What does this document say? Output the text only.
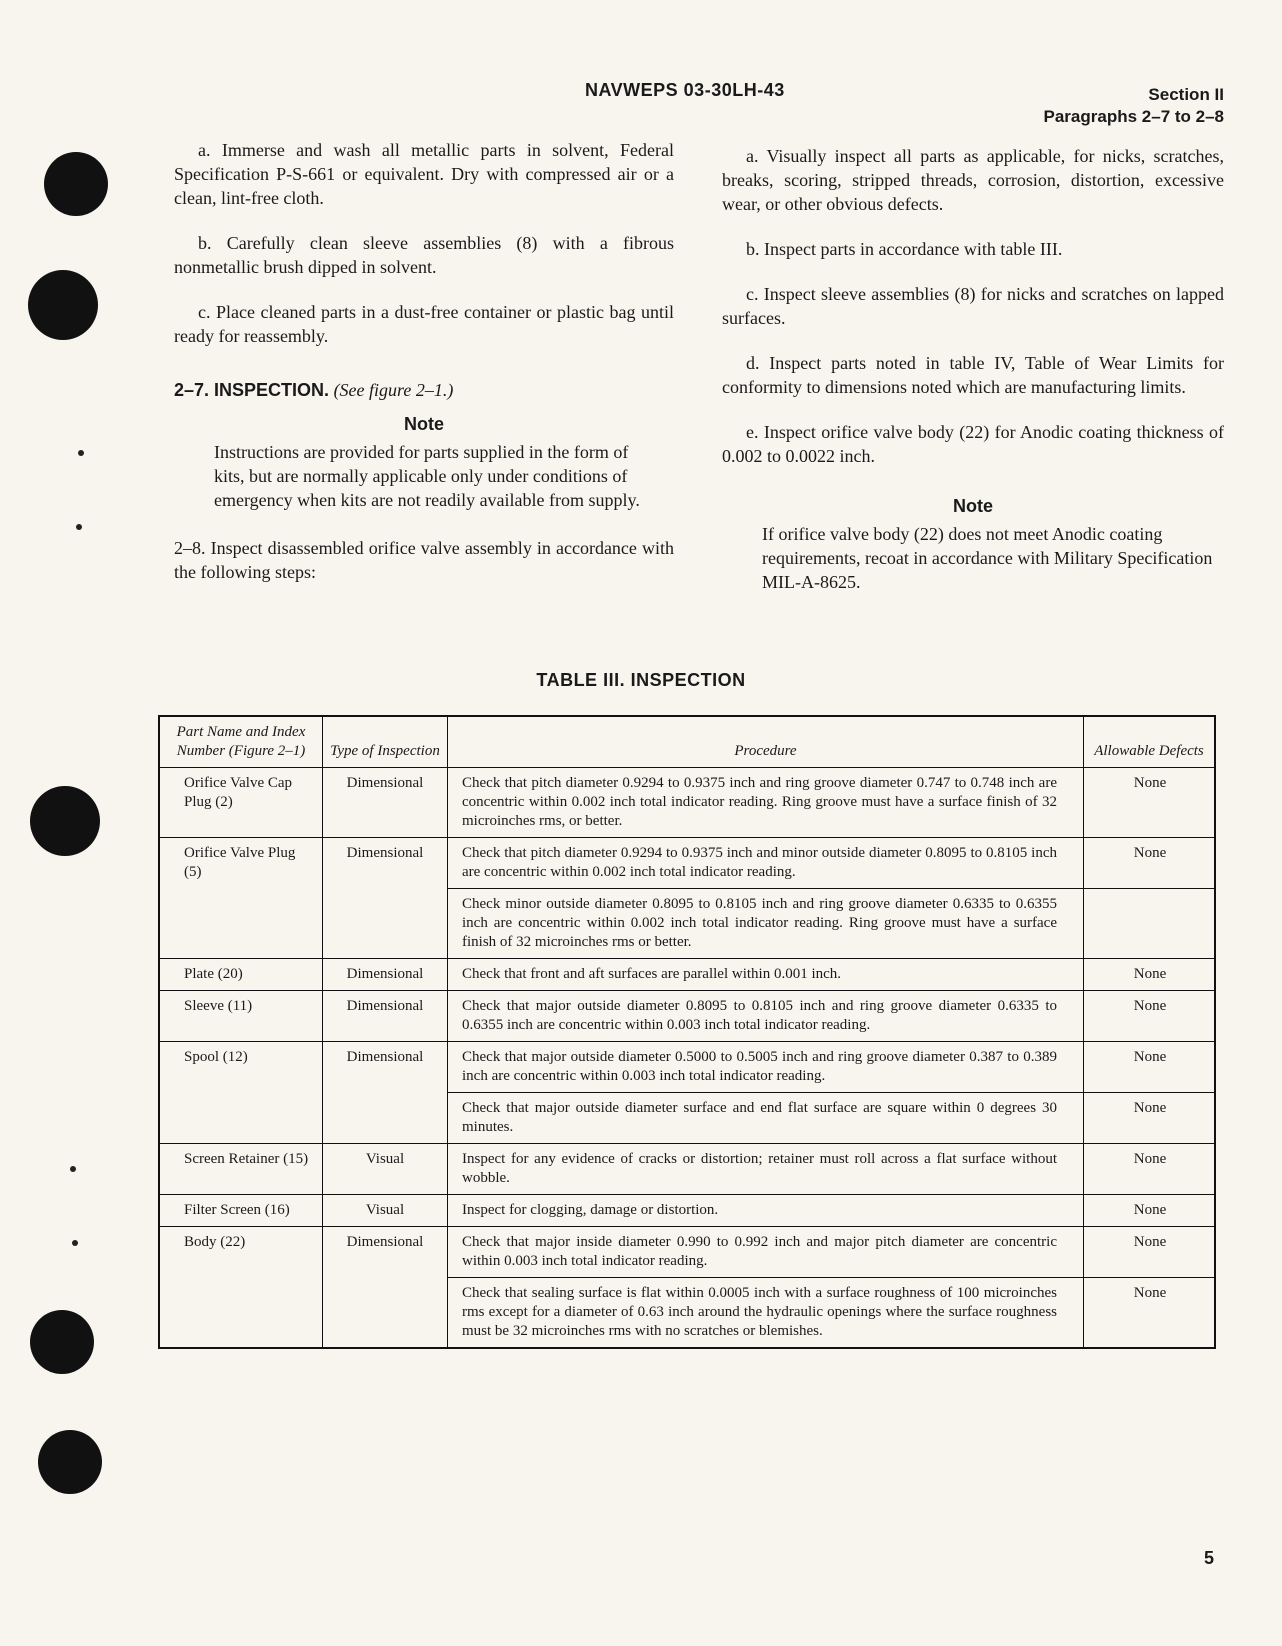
NAVWEPS 03-30LH-43	Section II
Paragraphs 2–7 to 2–8

a. Immerse and wash all metallic parts in solvent, Federal Specification P-S-661 or equivalent. Dry with compressed air or a clean, lint-free cloth.

b. Carefully clean sleeve assemblies (8) with a fibrous nonmetallic brush dipped in solvent.

c. Place cleaned parts in a dust-free container or plastic bag until ready for reassembly.

2–7. INSPECTION. (See figure 2–1.)
Note
Instructions are provided for parts supplied in the form of kits, but are normally applicable only under conditions of emergency when kits are not readily available from supply.

2–8. Inspect disassembled orifice valve assembly in accordance with the following steps:

a. Visually inspect all parts as applicable, for nicks, scratches, breaks, scoring, stripped threads, corrosion, distortion, excessive wear, or other obvious defects.

b. Inspect parts in accordance with table III.

c. Inspect sleeve assemblies (8) for nicks and scratches on lapped surfaces.

d. Inspect parts noted in table IV, Table of Wear Limits for conformity to dimensions noted which are manufacturing limits.

e. Inspect orifice valve body (22) for Anodic coating thickness of 0.002 to 0.0022 inch.

Note
If orifice valve body (22) does not meet Anodic coating requirements, recoat in accordance with Military Specification MIL-A-8625.
TABLE III. INSPECTION
Part Name and Index Number (Figure 2–1)	Type of Inspection	Procedure	Allowable Defects
Orifice Valve Cap Plug (2)	Dimensional	Check that pitch diameter 0.9294 to 0.9375 inch and ring groove diameter 0.747 to 0.748 inch are concentric within 0.002 inch total indicator reading. Ring groove must have a surface finish of 32 microinches rms, or better.	None
Orifice Valve Plug (5)	Dimensional	Check that pitch diameter 0.9294 to 0.9375 inch and minor outside diameter 0.8095 to 0.8105 inch are concentric within 0.002 inch total indicator reading.	None
		Check minor outside diameter 0.8095 to 0.8105 inch and ring groove diameter 0.6335 to 0.6355 inch are concentric within 0.002 inch total indicator reading. Ring groove must have a surface finish of 32 microinches rms or better.	
Plate (20)	Dimensional	Check that front and aft surfaces are parallel within 0.001 inch.	None
Sleeve (11)	Dimensional	Check that major outside diameter 0.8095 to 0.8105 inch and ring groove diameter 0.6335 to 0.6355 inch are concentric within 0.003 inch total indicator reading.	None
Spool (12)	Dimensional	Check that major outside diameter 0.5000 to 0.5005 inch and ring groove diameter 0.387 to 0.389 inch are concentric within 0.003 inch total indicator reading.	None
		Check that major outside diameter surface and end flat surface are square within 0 degrees 30 minutes.	None
Screen Retainer (15)	Visual	Inspect for any evidence of cracks or distortion; retainer must roll across a flat surface without wobble.	None
Filter Screen (16)	Visual	Inspect for clogging, damage or distortion.	None
Body (22)	Dimensional	Check that major inside diameter 0.990 to 0.992 inch and major pitch diameter are concentric within 0.003 inch total indicator reading.	None
		Check that sealing surface is flat within 0.0005 inch with a surface roughness of 100 microinches rms except for a diameter of 0.63 inch around the hydraulic openings where the surface roughness must be 32 microinches rms with no scratches or blemishes.	None
5
